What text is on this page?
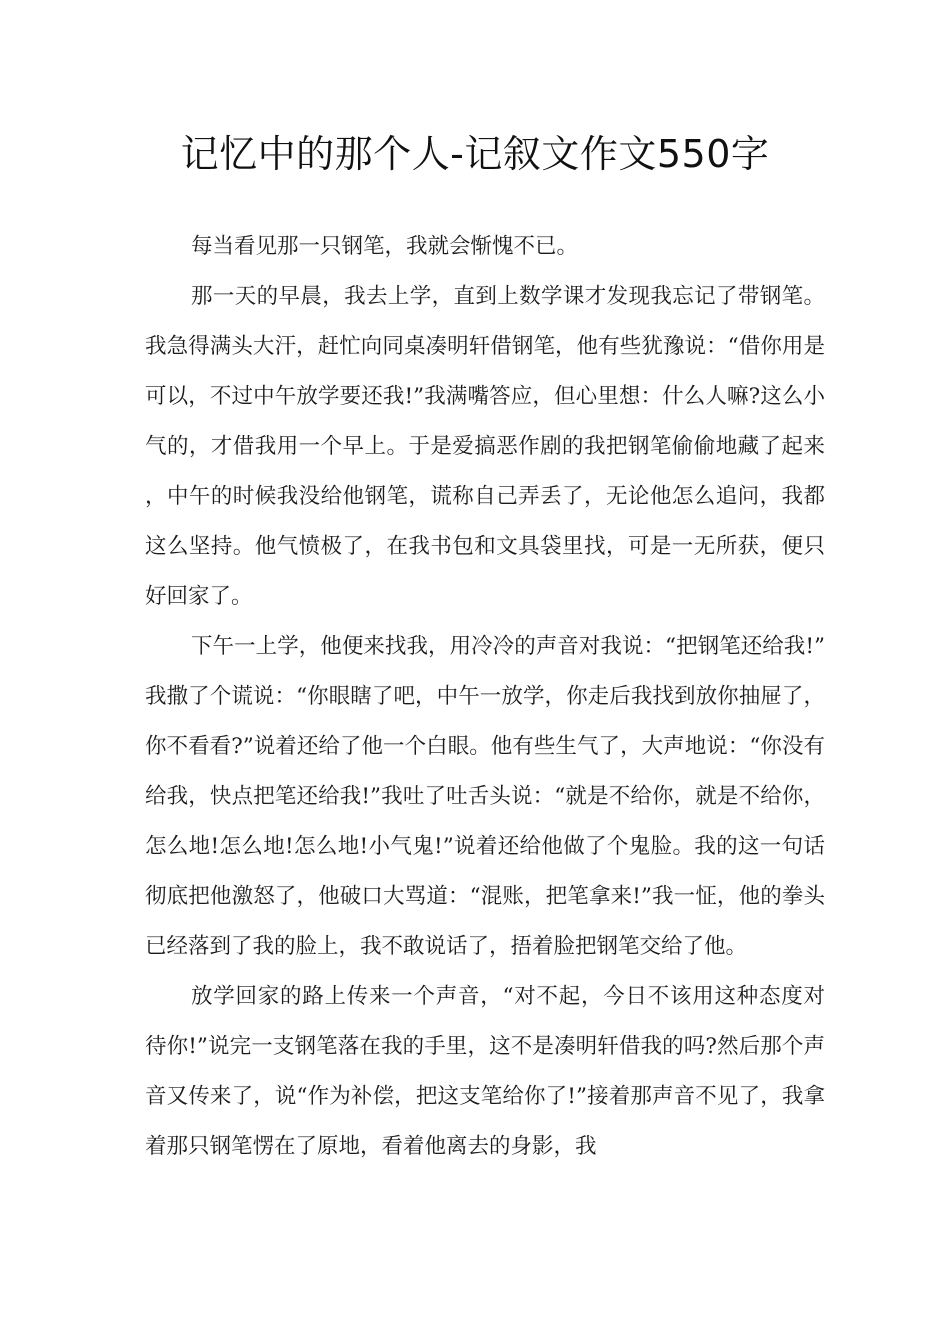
记忆中的那个人-记叙文作文550字

每当看见那一只钢笔，我就会惭愧不已。

那一天的早晨，我去上学，直到上数学课才发现我忘记了带钢笔。我急得满头大汗，赶忙向同桌凑明轩借钢笔，他有些犹豫说：“借你用是可以，不过中午放学要还我!”我满嘴答应，但心里想：什么人嘛?这么小气的，才借我用一个早上。于是爱搞恶作剧的我把钢笔偷偷地藏了起来，中午的时候我没给他钢笔，谎称自己弄丢了，无论他怎么追问，我都这么坚持。他气愤极了，在我书包和文具袋里找，可是一无所获，便只好回家了。

下午一上学，他便来找我，用冷冷的声音对我说：“把钢笔还给我!”我撒了个谎说：“你眼瞎了吧，中午一放学，你走后我找到放你抽屉了，你不看看?”说着还给了他一个白眼。他有些生气了，大声地说：“你没有给我，快点把笔还给我!”我吐了吐舌头说：“就是不给你，就是不给你，怎么地!怎么地!怎么地!小气鬼!”说着还给他做了个鬼脸。我的这一句话彻底把他激怒了，他破口大骂道：“混账，把笔拿来!”我一怔，他的拳头已经落到了我的脸上，我不敢说话了，捂着脸把钢笔交给了他。

放学回家的路上传来一个声音，“对不起，今日不该用这种态度对待你!”说完一支钢笔落在我的手里，这不是凑明轩借我的吗?然后那个声音又传来了，说“作为补偿，把这支笔给你了!”接着那声音不见了，我拿着那只钢笔愣在了原地，看着他离去的身影，我
